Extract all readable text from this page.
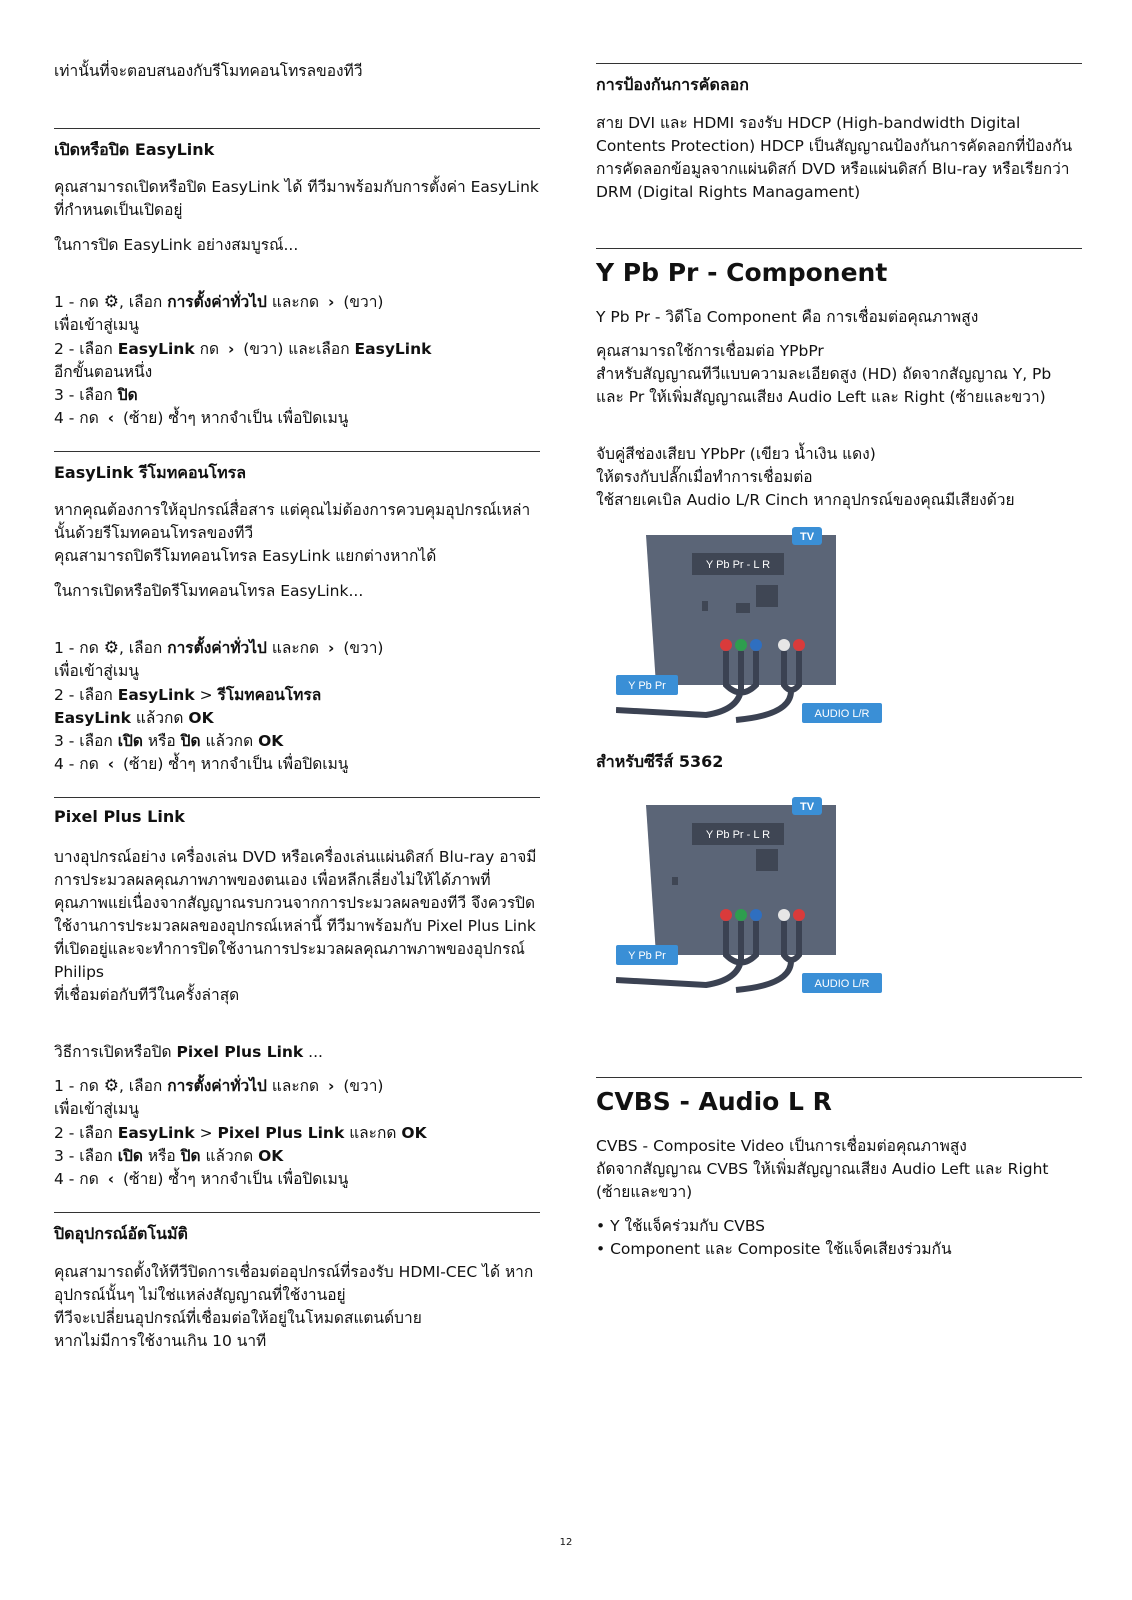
เท่านั้นที่จะตอบสนองกับรีโมทคอนโทรลของทีวี

เปิดหรือปิด EasyLink

คุณสามารถเปิดหรือปิด EasyLink ได้ ทีวีมาพร้อมกับการตั้งค่า EasyLink ที่กำหนดเป็นเปิดอยู่

ในการปิด EasyLink อย่างสมบูรณ์...

1 - กด ⚙, เลือก การตั้งค่าทั่วไป และกด › (ขวา)
เพื่อเข้าสู่เมนู

2 - เลือก EasyLink กด › (ขวา) และเลือก EasyLink
อีกขั้นตอนหนึ่ง

3 - เลือก ปิด

4 - กด ‹ (ซ้าย) ซ้ำๆ หากจำเป็น เพื่อปิดเมนู

EasyLink รีโมทคอนโทรล

หากคุณต้องการให้อุปกรณ์สื่อสาร แต่คุณไม่ต้องการควบคุมอุปกรณ์เหล่านั้นด้วยรีโมทคอนโทรลของทีวี
คุณสามารถปิดรีโมทคอนโทรล EasyLink แยกต่างหากได้

ในการเปิดหรือปิดรีโมทคอนโทรล EasyLink...

1 - กด ⚙, เลือก การตั้งค่าทั่วไป และกด › (ขวา)
เพื่อเข้าสู่เมนู

2 - เลือก EasyLink > รีโมทคอนโทรล
EasyLink แล้วกด OK

3 - เลือก เปิด หรือ ปิด แล้วกด OK

4 - กด ‹ (ซ้าย) ซ้ำๆ หากจำเป็น เพื่อปิดเมนู

Pixel Plus Link

บางอุปกรณ์อย่าง เครื่องเล่น DVD หรือเครื่องเล่นแผ่นดิสก์ Blu-ray อาจมีการประมวลผลคุณภาพภาพของตนเอง เพื่อหลีกเลี่ยงไม่ให้ได้ภาพที่คุณภาพแย่เนื่องจากสัญญาณรบกวนจากการประมวลผลของทีวี จึงควรปิดใช้งานการประมวลผลของอุปกรณ์เหล่านี้ ทีวีมาพร้อมกับ Pixel Plus Link ที่เปิดอยู่และจะทำการปิดใช้งานการประมวลผลคุณภาพภาพของอุปกรณ์ Philips
ที่เชื่อมต่อกับทีวีในครั้งล่าสุด

วิธีการเปิดหรือปิด Pixel Plus Link ...

1 - กด ⚙, เลือก การตั้งค่าทั่วไป และกด › (ขวา)
เพื่อเข้าสู่เมนู

2 - เลือก EasyLink > Pixel Plus Link และกด OK

3 - เลือก เปิด หรือ ปิด แล้วกด OK

4 - กด ‹ (ซ้าย) ซ้ำๆ หากจำเป็น เพื่อปิดเมนู

ปิดอุปกรณ์อัตโนมัติ

คุณสามารถตั้งให้ทีวีปิดการเชื่อมต่ออุปกรณ์ที่รองรับ HDMI-CEC ได้ หากอุปกรณ์นั้นๆ ไม่ใช่แหล่งสัญญาณที่ใช้งานอยู่
ทีวีจะเปลี่ยนอุปกรณ์ที่เชื่อมต่อให้อยู่ในโหมดสแตนด์บาย
หากไม่มีการใช้งานเกิน 10 นาที

การป้องกันการคัดลอก

สาย DVI และ HDMI รองรับ HDCP (High-bandwidth Digital Contents Protection) HDCP เป็นสัญญาณป้องกันการคัดลอกที่ป้องกันการคัดลอกข้อมูลจากแผ่นดิสก์ DVD หรือแผ่นดิสก์ Blu-ray หรือเรียกว่า DRM (Digital Rights Managament)

Y Pb Pr - Component

Y Pb Pr - วิดีโอ Component คือ การเชื่อมต่อคุณภาพสูง

คุณสามารถใช้การเชื่อมต่อ YPbPr
สำหรับสัญญาณทีวีแบบความละเอียดสูง (HD) ถัดจากสัญญาณ Y, Pb และ Pr ให้เพิ่มสัญญาณเสียง Audio Left และ Right (ซ้ายและขวา)

จับคู่สีช่องเสียบ YPbPr (เขียว น้ำเงิน แดง)
ให้ตรงกับปลั๊กเมื่อทำการเชื่อมต่อ
ใช้สายเคเบิล Audio L/R Cinch หากอุปกรณ์ของคุณมีเสียงด้วย

TV
Y Pb Pr - L R
Y Pb Pr
AUDIO L/R
สำหรับซีรีส์ 5362
TV
Y Pb Pr - L R
Y Pb Pr
AUDIO L/R
CVBS - Audio L R

CVBS - Composite Video เป็นการเชื่อมต่อคุณภาพสูง
ถัดจากสัญญาณ CVBS ให้เพิ่มสัญญาณเสียง Audio Left และ Right (ซ้ายและขวา)

• Y ใช้แจ็คร่วมกับ CVBS

• Component และ Composite ใช้แจ็คเสียงร่วมกัน

12
